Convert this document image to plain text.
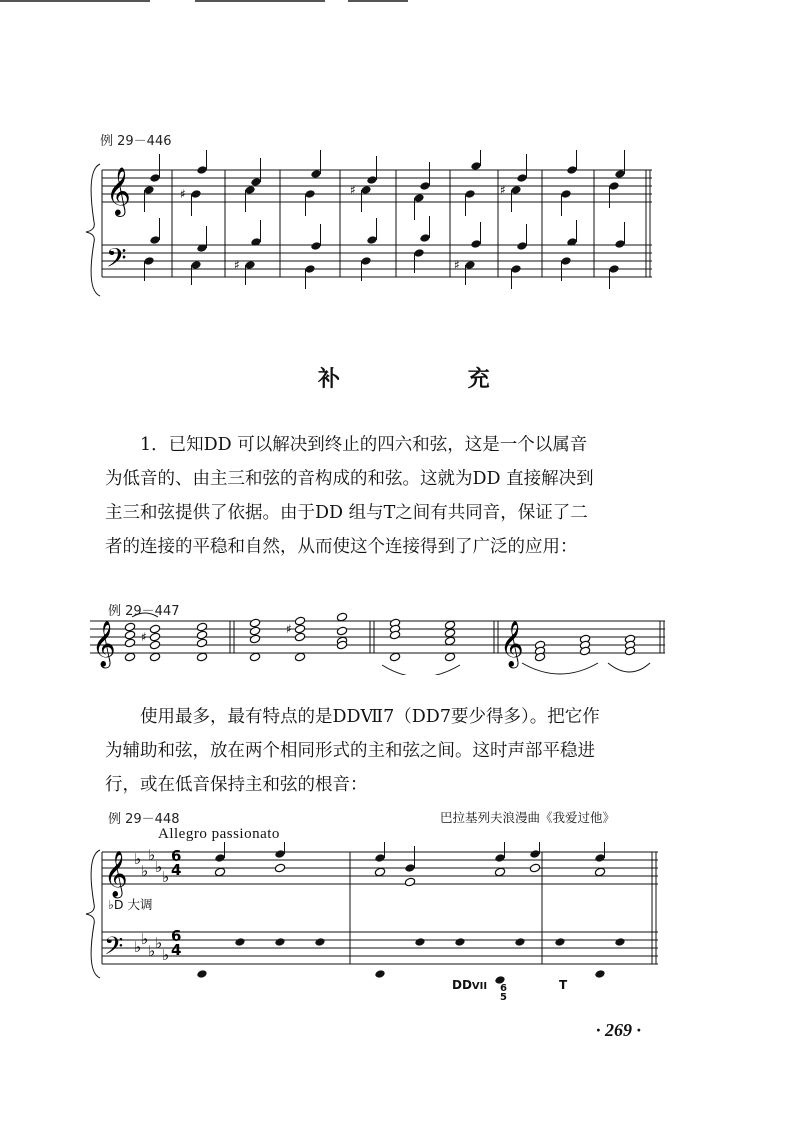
例 29－446
𝄞
𝄢
♯
♯
♯
♯
♯
补 充

1．已知DD 可以解决到终止的四六和弦，这是一个以属音

为低音的、由主三和弦的音构成的和弦。这就为DD 直接解决到

主三和弦提供了依据。由于DD 组与T之间有共同音，保证了二

者的连接的平稳和自然，从而使这个连接得到了广泛的应用：

例 29－447
𝄞	𝄞
♯
♯

使用最多，最有特点的是DDⅦ7（DD7要少得多）。把它作

为辅助和弦，放在两个相同形式的主和弦之间。这时声部平稳进

行，或在低音保持主和弦的根音：

例 29－448	巴拉基列夫浪漫曲《我爱过他》
Allegro passionato
𝄞
𝄢
♭
♭
♭
♭
♭
♭ ♭
♭ ♭
♭
6 4
6 4
♭D 大调
DDVII 6
5
T
· 269 ·
